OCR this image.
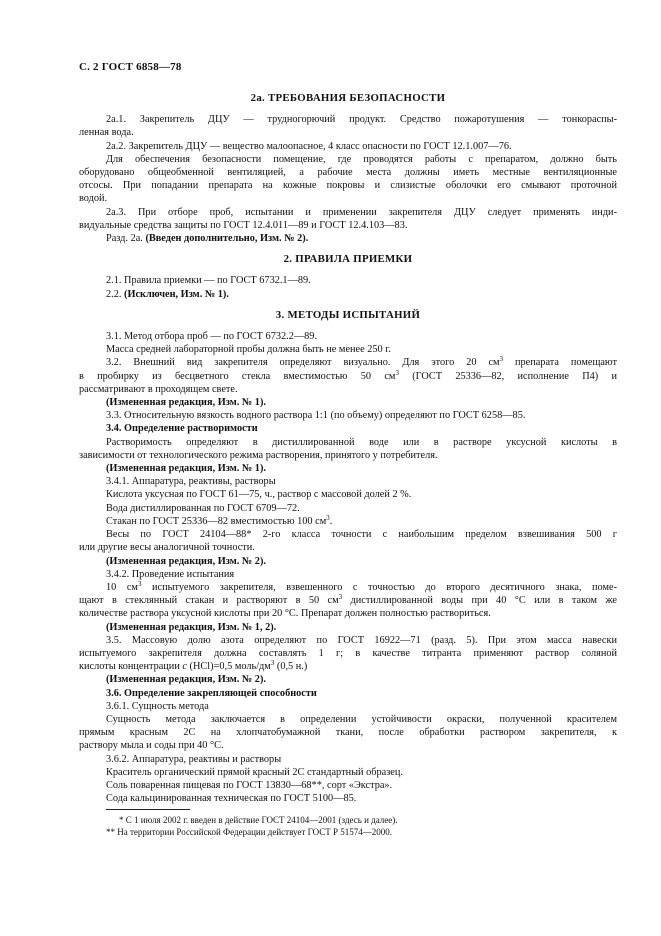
С. 2 ГОСТ 6858—78
2а. ТРЕБОВАНИЯ БЕЗОПАСНОСТИ

2а.1. Закрепитель ДЦУ — трудногорючий продукт. Средство пожаротушения — тонкораспы-

ленная вода.

2а.2. Закрепитель ДЦУ — вещество малоопасное, 4 класс опасности по ГОСТ 12.1.007—76.

Для обеспечения безопасности помещение, где проводятся работы с препаратом, должно быть

оборудовано общеобменной вентиляцией, а рабочие места должны иметь местные вентиляционные

отсосы. При попадании препарата на кожные покровы и слизистые оболочки его смывают проточной

водой.

2а.3. При отборе проб, испытании и применении закрепителя ДЦУ следует применять инди-

видуальные средства защиты по ГОСТ 12.4.011—89 и ГОСТ 12.4.103—83.

Разд. 2а. (Введен дополнительно, Изм. № 2).

2. ПРАВИЛА ПРИЕМКИ

2.1. Правила приемки — по ГОСТ 6732.1—89.

2.2. (Исключен, Изм. № 1).

3. МЕТОДЫ ИСПЫТАНИЙ

3.1. Метод отбора проб — по ГОСТ 6732.2—89.

Масса средней лабораторной пробы должна быть не менее 250 г.

3.2. Внешний вид закрепителя определяют визуально. Для этого 20 $см^3$ препарата помещают

в пробирку из бесцветного стекла вместимостью 50 $см^3$ (ГОСТ 25336—82, исполнение П4) и

рассматривают в проходящем свете.

(Измененная редакция, Изм. № 1).

3.3. Относительную вязкость водного раствора 1:1 (по объему) определяют по ГОСТ 6258—85.

3.4. Определение растворимости

Растворимость определяют в дистиллированной воде или в растворе уксусной кислоты в

зависимости от технологического режима растворения, принятого у потребителя.

(Измененная редакция, Изм. № 1).

3.4.1. Аппаратура, реактивы, растворы

Кислота уксусная по ГОСТ 61—75, ч., раствор с массовой долей 2 %.

Вода дистиллированная по ГОСТ 6709—72.

Стакан по ГОСТ 25336—82 вместимостью 100 $см^3$.

Весы по ГОСТ 24104—88* 2-го класса точности с наибольшим пределом взвешивания 500 г

или другие весы аналогичной точности.

(Измененная редакция, Изм. № 2).

3.4.2. Проведение испытания

10 $см^3$ испытуемого закрепителя, взвешенного с точностью до второго десятичного знака, поме-

щают в стеклянный стакан и растворяют в 50 $см^3$ дистиллированной воды при 40 °С или в таком же

количестве раствора уксусной кислоты при 20 °С. Препарат должен полностью раствориться.

(Измененная редакция, Изм. № 1, 2).

3.5. Массовую долю азота определяют по ГОСТ 16922—71 (разд. 5). При этом масса навески

испытуемого закрепителя должна составлять 1 г; в качестве титранта применяют раствор соляной

кислоты концентрации с (HCl)=0,5 моль/$дм^3$ (0,5 н.)

(Измененная редакция, Изм. № 2).

3.6. Определение закрепляющей способности

3.6.1. Сущность метода

Сущность метода заключается в определении устойчивости окраски, полученной красителем

прямым красным 2С на хлопчатобумажной ткани, после обработки раствором закрепителя, к

раствору мыла и соды при 40 °С.

3.6.2. Аппаратура, реактивы и растворы

Краситель органический прямой красный 2С стандартный образец.

Соль поваренная пищевая по ГОСТ 13830—68**, сорт «Экстра».

Сода кальцинированная техническая по ГОСТ 5100—85.

* С 1 июля 2002 г. введен в действие ГОСТ 24104—2001 (здесь и далее).

** На территории Российской Федерации действует ГОСТ Р 51574—2000.
